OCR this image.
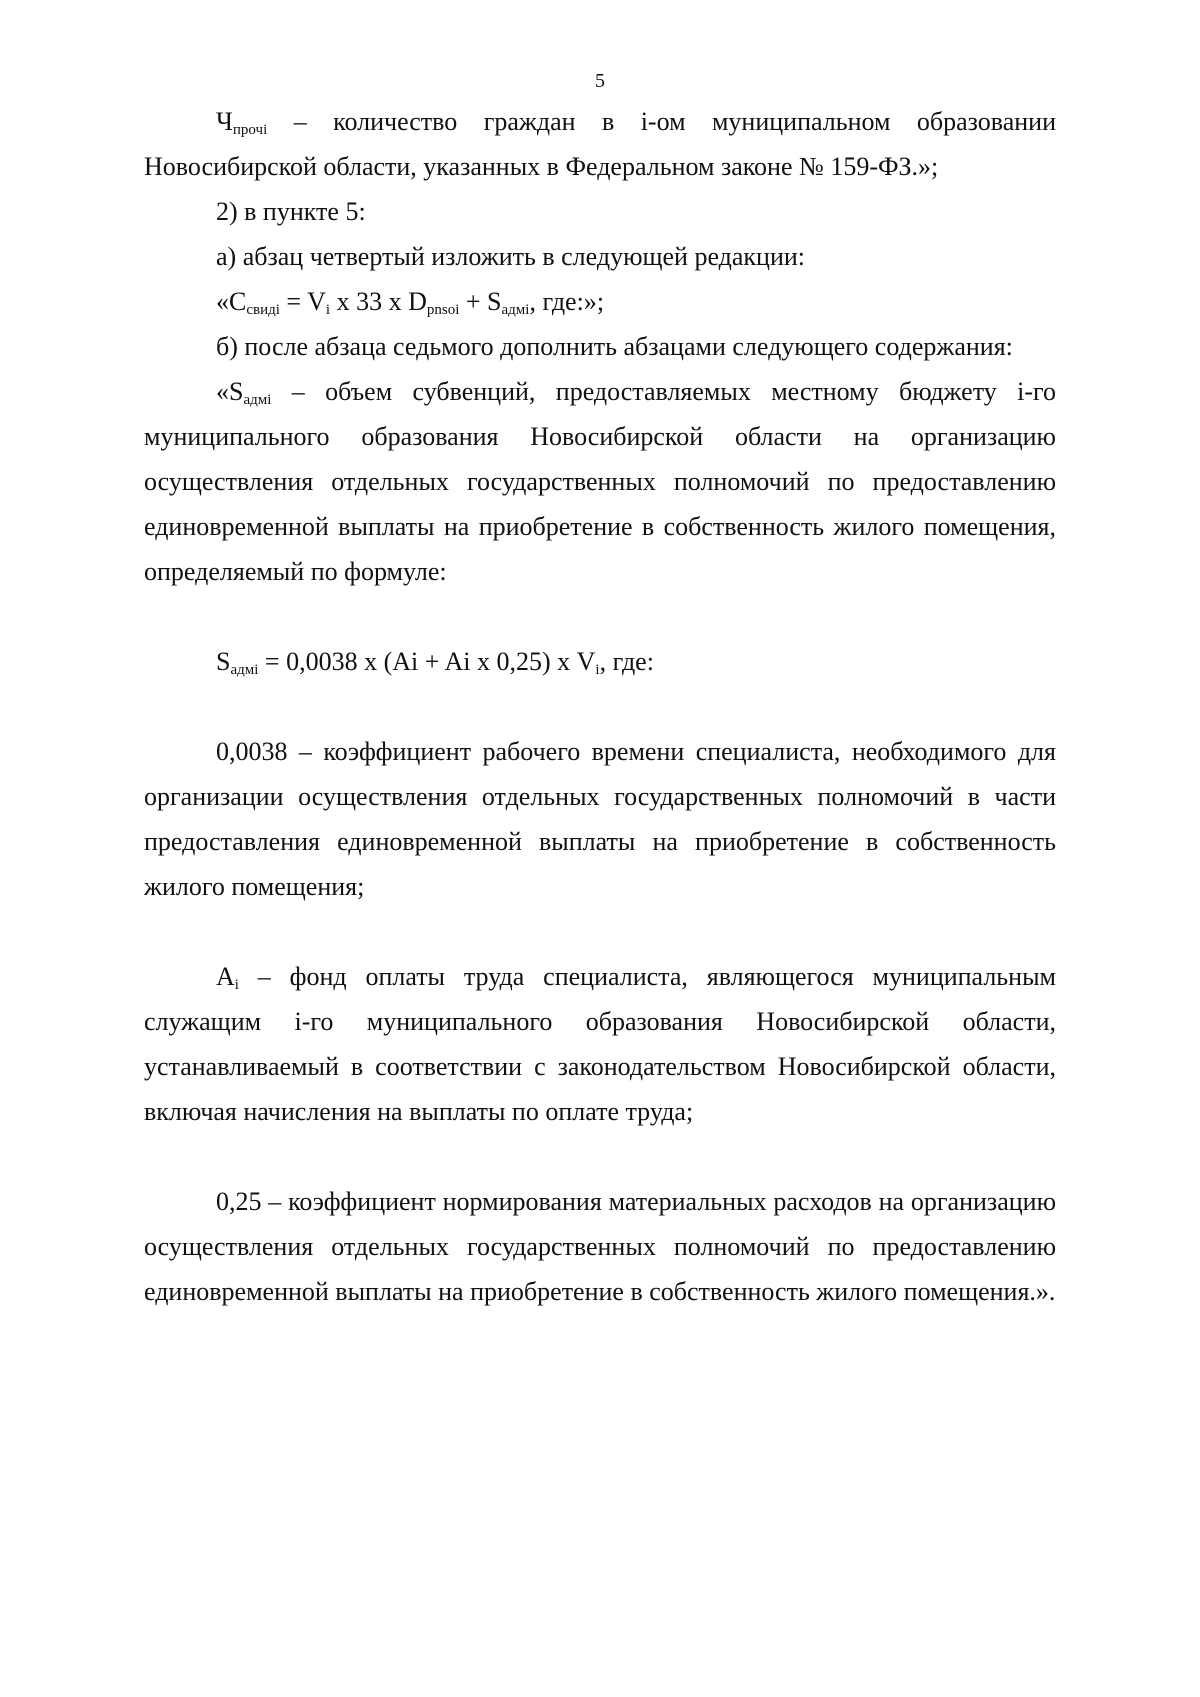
5
$Ч_{прочi}$ – количество граждан в i-ом муниципальном образовании
Новосибирской области, указанных в Федеральном законе № 159-ФЗ.»;
2) в пункте 5:
а) абзац четвертый изложить в следующей редакции:
«$С_{свидi} = V_i$ х 33 х $D_{pnsoi} + S_{адмi}$, где:»;
б) после абзаца седьмого дополнить абзацами следующего содержания:
«$S_{адмi}$ – объем субвенций, предоставляемых местному бюджету i-го
муниципального образования Новосибирской области на организацию
осуществления отдельных государственных полномочий по предоставлению
единовременной выплаты на приобретение в собственность жилого помещения,
определяемый по формуле:
$S_{адмi} = 0,0038$ х (Ai + Ai х 0,25) х $V_i$, где:
0,0038 – коэффициент рабочего времени специалиста, необходимого для
организации осуществления отдельных государственных полномочий в части
предоставления единовременной выплаты на приобретение в собственность
жилого помещения;
$A_i$ – фонд оплаты труда специалиста, являющегося муниципальным
служащим i-го муниципального образования Новосибирской области,
устанавливаемый в соответствии с законодательством Новосибирской области,
включая начисления на выплаты по оплате труда;
0,25 – коэффициент нормирования материальных расходов на организацию
осуществления отдельных государственных полномочий по предоставлению
единовременной выплаты на приобретение в собственность жилого помещения.».
